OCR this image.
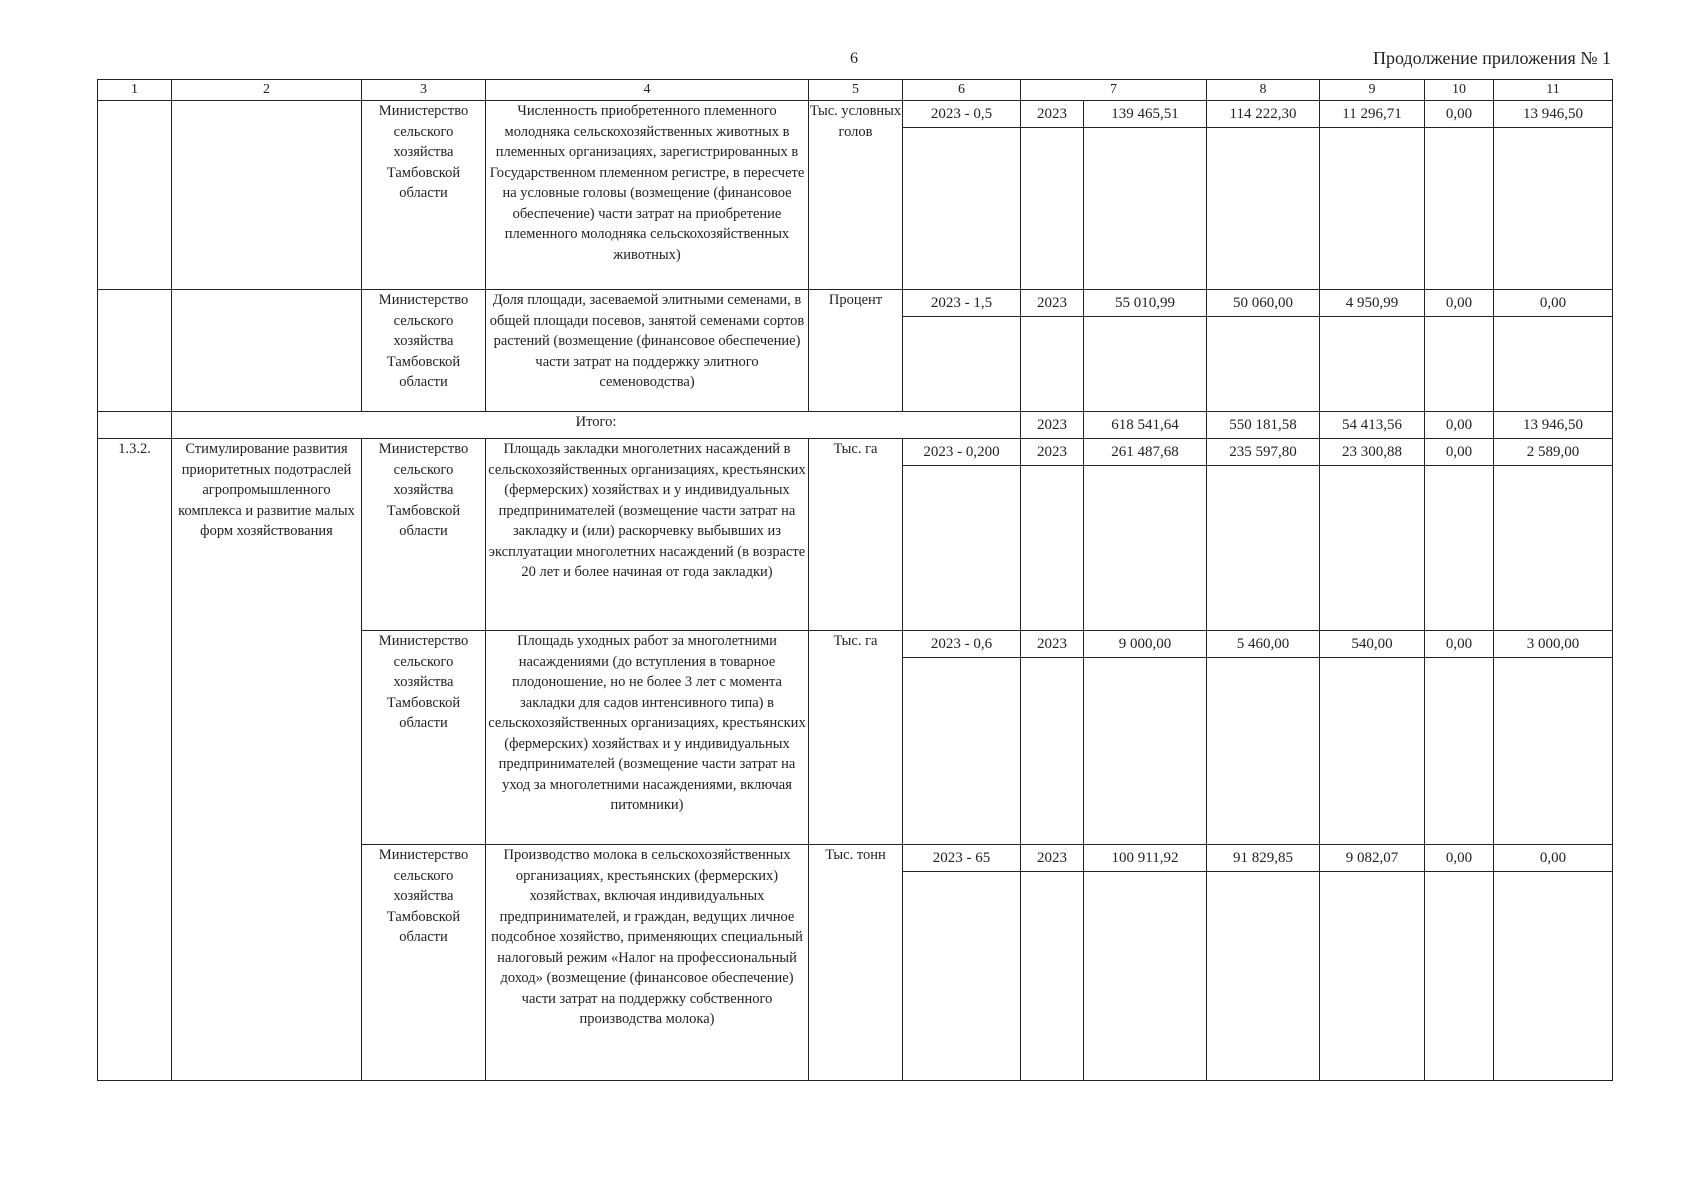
6	Продолжение приложения № 1
1	2	3	4	5	6	7		8	9	10	11
		Министерство сельского хозяйства Тамбовской области	Численность приобретенного племенного молодняка сельскохозяйственных животных в племенных организациях, зарегистрированных в Государственном племенном регистре, в пересчете на условные головы (возмещение (финансовое обеспечение) части затрат на приобретение племенного молодняка сельскохозяйственных животных)	Тыс. условных голов	2023 - 0,5	2023	139 465,51	114 222,30	11 296,71	0,00	13 946,50

		Министерство сельского хозяйства Тамбовской области	Доля площади, засеваемой элитными семенами, в общей площади посевов, занятой семенами сортов растений (возмещение (финансовое обеспечение) части затрат на поддержку элитного семеноводства)	Процент	2023 - 1,5	2023	55 010,99	50 060,00	4 950,99	0,00	0,00

	Итого:					2023	618 541,64	550 181,58	54 413,56	0,00	13 946,50
1.3.2.	Стимулирование развития приоритетных подотраслей агропромышленного комплекса и развитие малых форм хозяйствования	Министерство сельского хозяйства Тамбовской области	Площадь закладки многолетних насаждений в сельскохозяйственных организациях, крестьянских (фермерских) хозяйствах и у индивидуальных предпринимателей (возмещение части затрат на закладку и (или) раскорчевку выбывших из эксплуатации многолетних насаждений (в возрасте 20 лет и более начиная от года закладки)	Тыс. га	2023 - 0,200	2023	261 487,68	235 597,80	23 300,88	0,00	2 589,00

		Министерство сельского хозяйства Тамбовской области	Площадь уходных работ за многолетними насаждениями (до вступления в товарное плодоношение, но не более 3 лет с момента закладки для садов интенсивного типа) в сельскохозяйственных организациях, крестьянских (фермерских) хозяйствах и у индивидуальных предпринимателей (возмещение части затрат на уход за многолетними насаждениями, включая питомники)	Тыс. га	2023 - 0,6	2023	9 000,00	5 460,00	540,00	0,00	3 000,00

		Министерство сельского хозяйства Тамбовской области	Производство молока в сельскохозяйственных организациях, крестьянских (фермерских) хозяйствах, включая индивидуальных предпринимателей, и граждан, ведущих личное подсобное хозяйство, применяющих специальный налоговый режим «Налог на профессиональный доход» (возмещение (финансовое обеспечение) части затрат на поддержку собственного производства молока)	Тыс. тонн	2023 - 65	2023	100 911,92	91 829,85	9 082,07	0,00	0,00
